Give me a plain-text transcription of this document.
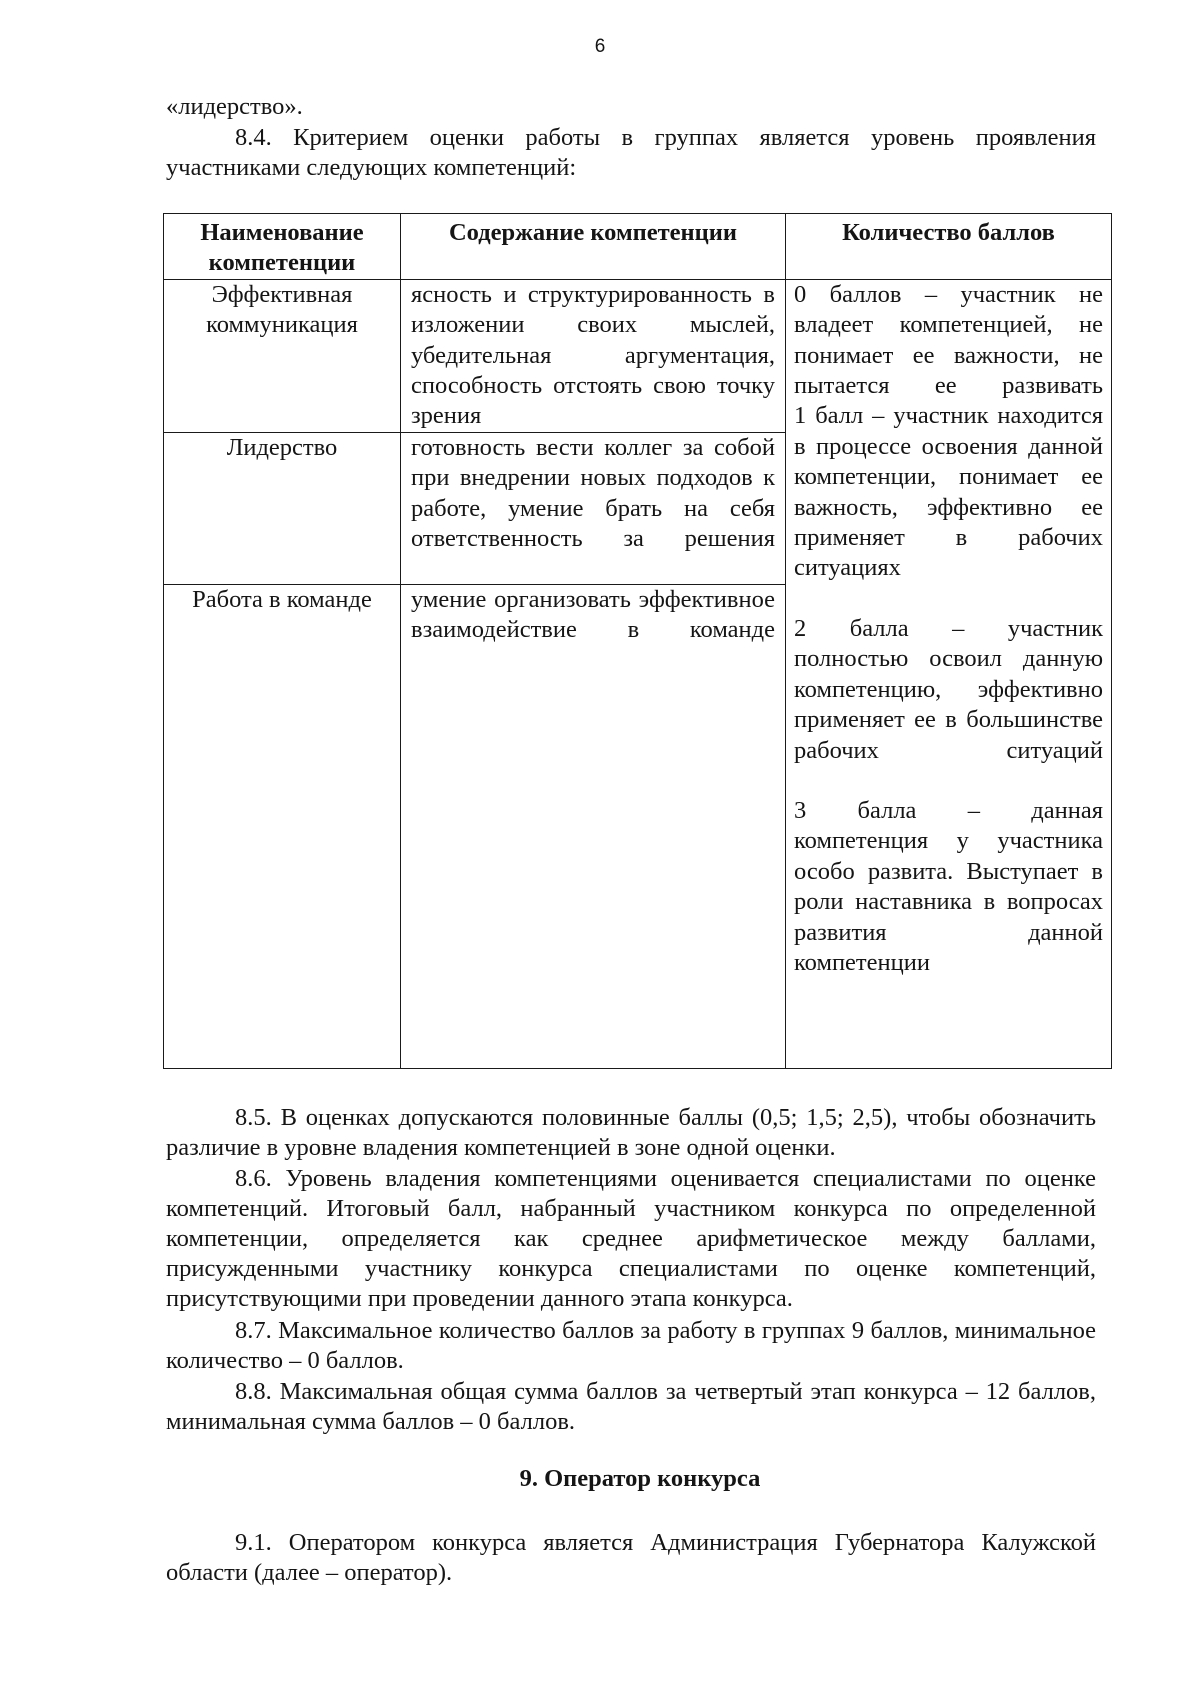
6

«лидерство».

8.4. Критерием оценки работы в группах является уровень проявления участниками следующих компетенций:

Наименование компетенции	Содержание компетенции	Количество баллов
Эффективная коммуникация	ясность и структурированность в изложении своих мыслей, убедительная аргументация, способность отстоять свою точку зрения	0 баллов – участник не владеет компетенцией, не понимает ее важности, не пытается ее развивать

1 балл – участник находится в процессе освоения данной компетенции, понимает ее важность, эффективно ее применяет в рабочих ситуациях

2 балла – участник полностью освоил данную компетенцию, эффективно применяет ее в большинстве рабочих ситуаций

3 балла – данная компетенция у участника особо развита. Выступает в роли наставника в вопросах развития данной компетенции

Лидерство	готовность вести коллег за собой при внедрении новых подходов к работе, умение брать на себя ответственность за решения	

Работа в команде	умение организовать эффективное взаимодействие в команде	

8.5. В оценках допускаются половинные баллы (0,5; 1,5; 2,5), чтобы обозначить различие в уровне владения компетенцией в зоне одной оценки.

8.6. Уровень владения компетенциями оценивается специалистами по оценке компетенций. Итоговый балл, набранный участником конкурса по определенной компетенции, определяется как среднее арифметическое между баллами, присужденными участнику конкурса специалистами по оценке компетенций, присутствующими при проведении данного этапа конкурса.

8.7. Максимальное количество баллов за работу в группах 9 баллов, минимальное количество – 0 баллов.

8.8. Максимальная общая сумма баллов за четвертый этап конкурса – 12 баллов, минимальная сумма баллов – 0 баллов.

9. Оператор конкурса

9.1. Оператором конкурса является Администрация Губернатора Калужской области (далее – оператор).
